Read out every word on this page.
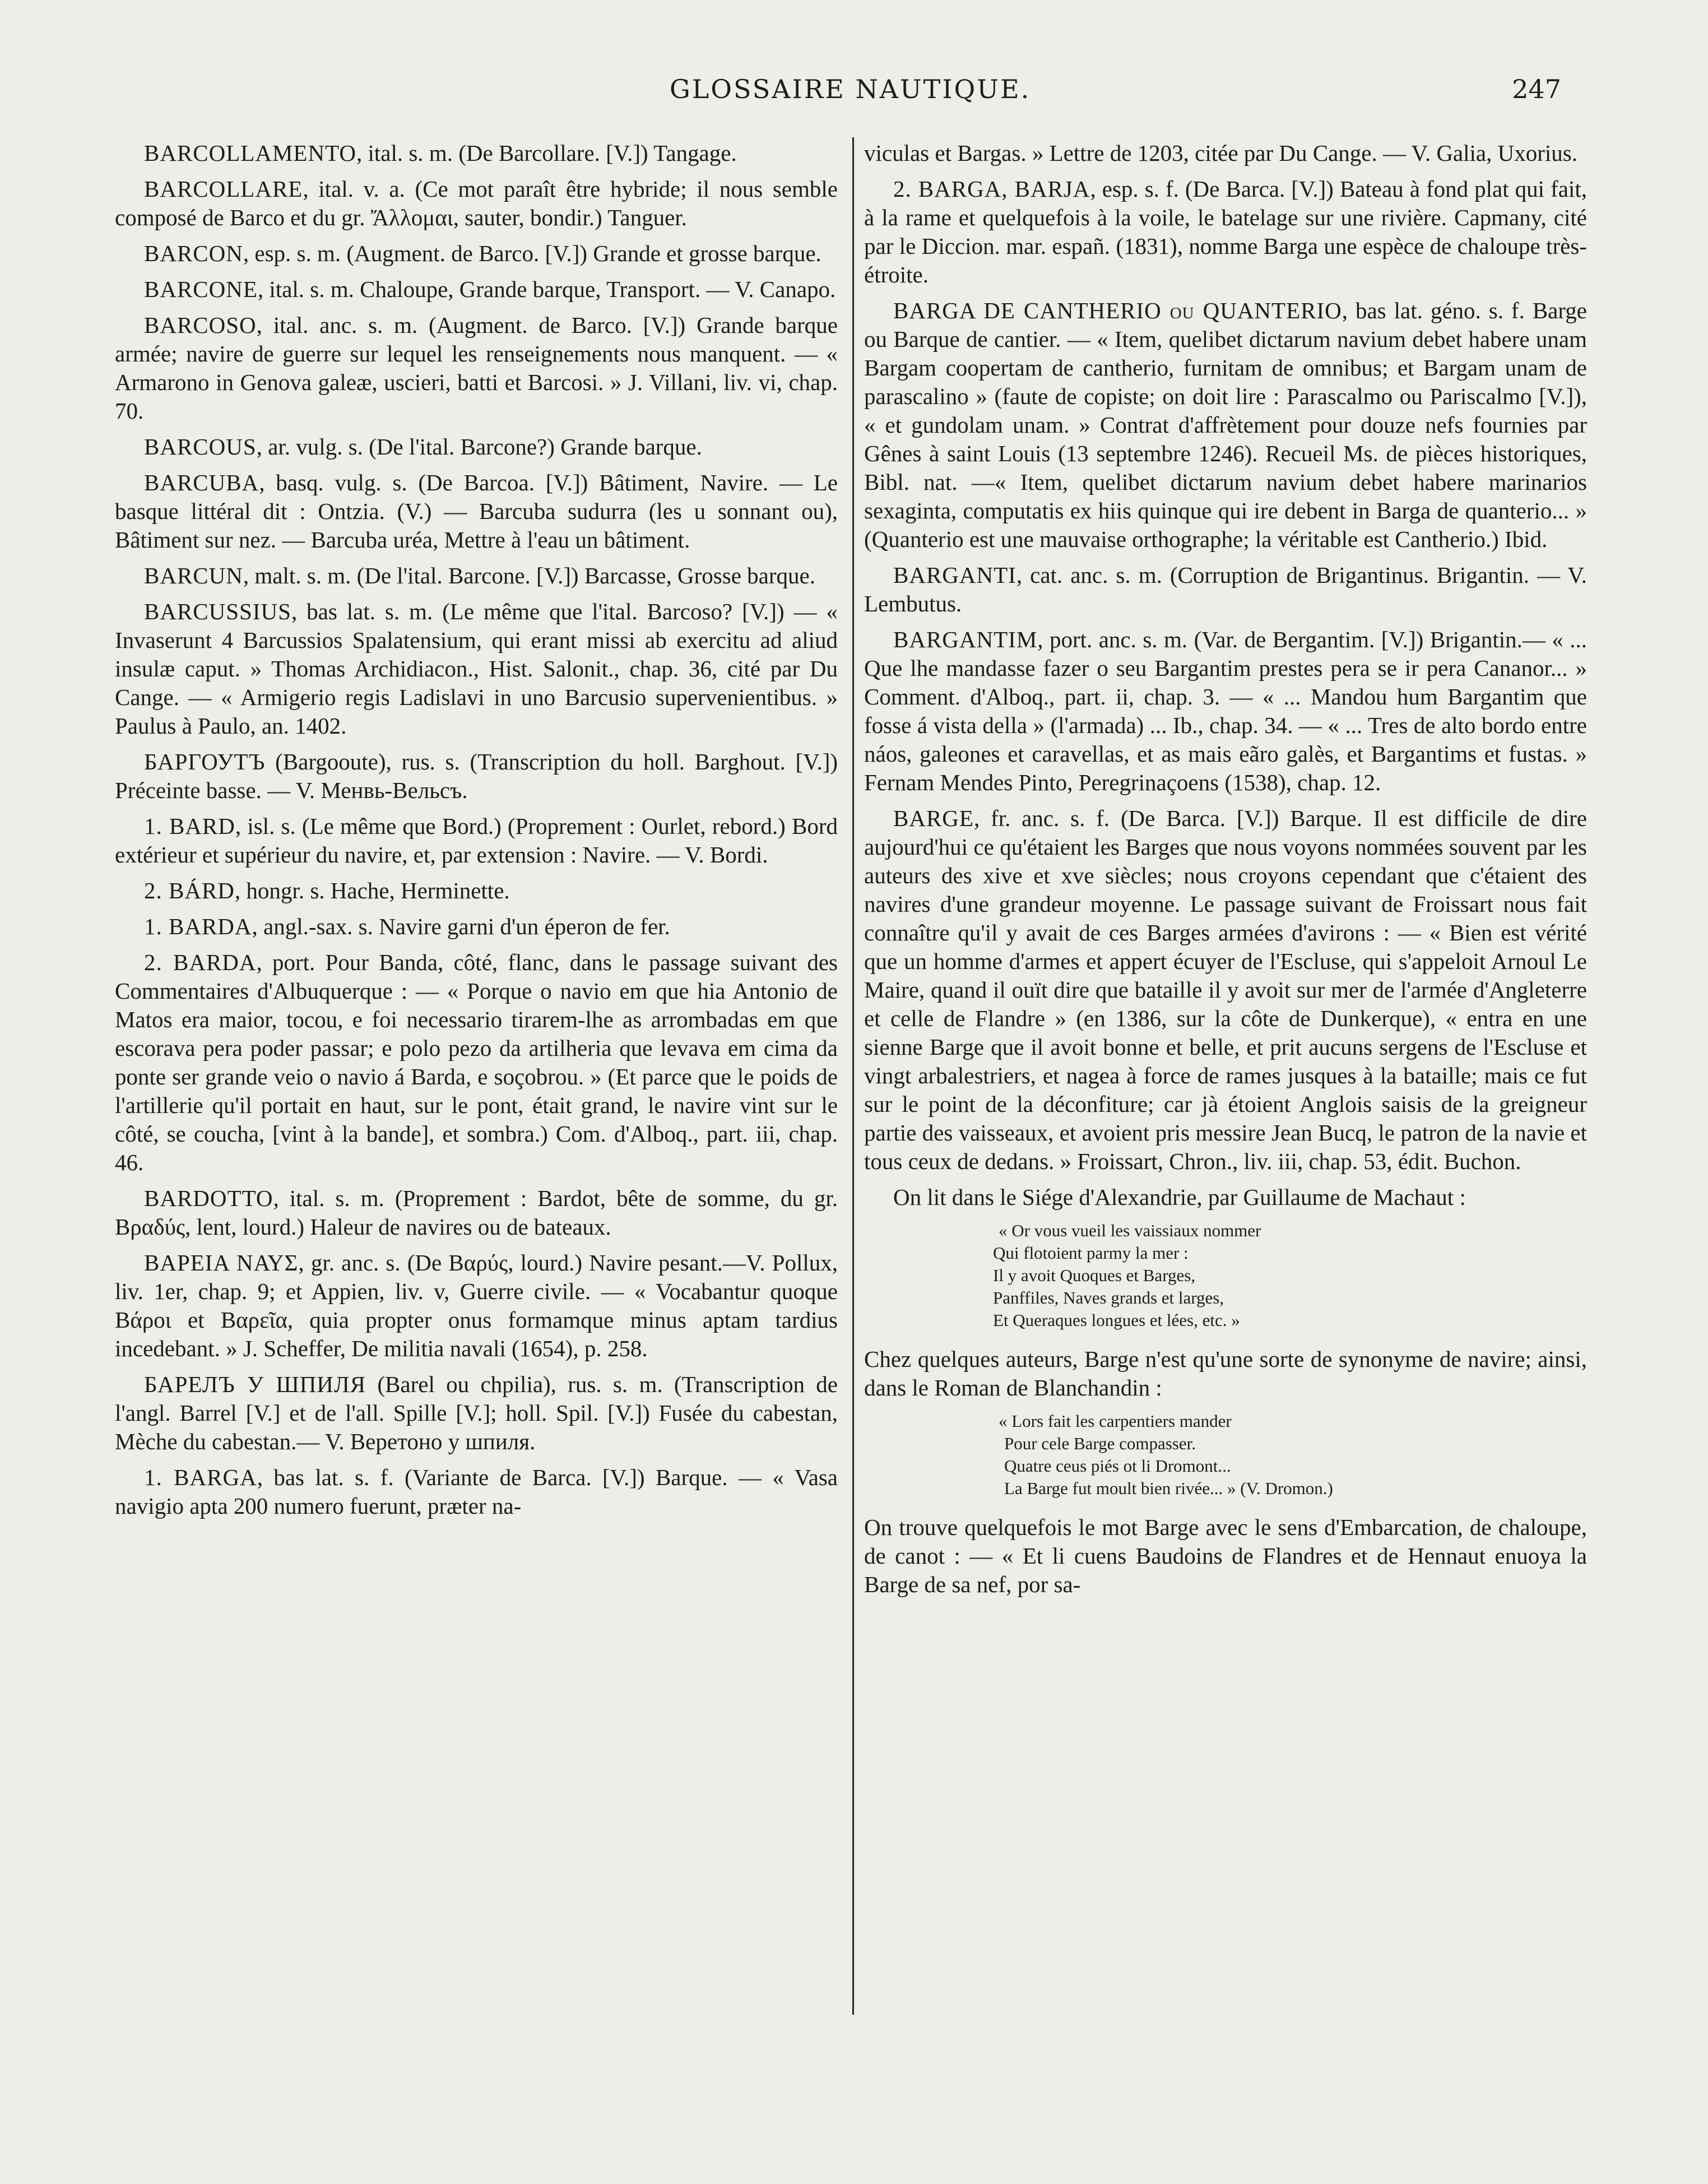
GLOSSAIRE NAUTIQUE.	247

BARCOLLAMENTO, ital. s. m. (De Barcollare. [V.]) Tangage.

BARCOLLARE, ital. v. a. (Ce mot paraît être hybride; il nous semble composé de Barco et du gr. Ἄλλομαι, sauter, bondir.) Tanguer.

BARCON, esp. s. m. (Augment. de Barco. [V.]) Grande et grosse barque.

BARCONE, ital. s. m. Chaloupe, Grande barque, Transport. — V. Canapo.

BARCOSO, ital. anc. s. m. (Augment. de Barco. [V.]) Grande barque armée; navire de guerre sur lequel les renseignements nous manquent. — « Armarono in Genova galeæ, uscieri, batti et Barcosi. » J. Villani, liv. vi, chap. 70.

BARCOUS, ar. vulg. s. (De l'ital. Barcone?) Grande barque.

BARCUBA, basq. vulg. s. (De Barcoa. [V.]) Bâtiment, Navire. — Le basque littéral dit : Ontzia. (V.) — Barcuba sudurra (les u sonnant ou), Bâtiment sur nez. — Barcuba uréa, Mettre à l'eau un bâtiment.

BARCUN, malt. s. m. (De l'ital. Barcone. [V.]) Barcasse, Grosse barque.

BARCUSSIUS, bas lat. s. m. (Le même que l'ital. Barcoso? [V.]) — « Invaserunt 4 Barcussios Spalatensium, qui erant missi ab exercitu ad aliud insulæ caput. » Thomas Archidiacon., Hist. Salonit., chap. 36, cité par Du Cange. — « Armigerio regis Ladislavi in uno Barcusio supervenientibus. » Paulus à Paulo, an. 1402.

БАРГОУТЪ (Bargooute), rus. s. (Transcription du holl. Barghout. [V.]) Préceinte basse. — V. Менвь-Вельсъ.

1. BARD, isl. s. (Le même que Bord.) (Proprement : Ourlet, rebord.) Bord extérieur et supérieur du navire, et, par extension : Navire. — V. Bordi.

2. BÁRD, hongr. s. Hache, Herminette.

1. BARDA, angl.-sax. s. Navire garni d'un éperon de fer.

2. BARDA, port. Pour Banda, côté, flanc, dans le passage suivant des Commentaires d'Albuquerque : — « Porque o navio em que hia Antonio de Matos era maior, tocou, e foi necessario tirarem-lhe as arrombadas em que escorava pera poder passar; e polo pezo da artilheria que levava em cima da ponte ser grande veio o navio á Barda, e soçobrou. » (Et parce que le poids de l'artillerie qu'il portait en haut, sur le pont, était grand, le navire vint sur le côté, se coucha, [vint à la bande], et sombra.) Com. d'Alboq., part. iii, chap. 46.

BARDOTTO, ital. s. m. (Proprement : Bardot, bête de somme, du gr. Βραδύς, lent, lourd.) Haleur de navires ou de bateaux.

BAPEIA ΝΑΥΣ, gr. anc. s. (De Βαρύς, lourd.) Navire pesant.—V. Pollux, liv. 1er, chap. 9; et Appien, liv. v, Guerre civile. — « Vocabantur quoque Βάροι et Βαρεῖα, quia propter onus formamque minus aptam tardius incedebant. » J. Scheffer, De militia navali (1654), p. 258.

БАРЕЛЪ У ШПИЛЯ (Barel ou chpilia), rus. s. m. (Transcription de l'angl. Barrel [V.] et de l'all. Spille [V.]; holl. Spil. [V.]) Fusée du cabestan, Mèche du cabestan.— V. Веретоно у шпиля.

1. BARGA, bas lat. s. f. (Variante de Barca. [V.]) Barque. — « Vasa navigio apta 200 numero fuerunt, præter na-

viculas et Bargas. » Lettre de 1203, citée par Du Cange. — V. Galia, Uxorius.

2. BARGA, BARJA, esp. s. f. (De Barca. [V.]) Bateau à fond plat qui fait, à la rame et quelquefois à la voile, le batelage sur une rivière. Capmany, cité par le Diccion. mar. españ. (1831), nomme Barga une espèce de chaloupe très-étroite.

BARGA DE CANTHERIO ou QUANTERIO, bas lat. géno. s. f. Barge ou Barque de cantier. — « Item, quelibet dictarum navium debet habere unam Bargam coopertam de cantherio, furnitam de omnibus; et Bargam unam de parascalino » (faute de copiste; on doit lire : Parascalmo ou Pariscalmo [V.]), « et gundolam unam. » Contrat d'affrètement pour douze nefs fournies par Gênes à saint Louis (13 septembre 1246). Recueil Ms. de pièces historiques, Bibl. nat. —« Item, quelibet dictarum navium debet habere marinarios sexaginta, computatis ex hiis quinque qui ire debent in Barga de quanterio... » (Quanterio est une mauvaise orthographe; la véritable est Cantherio.) Ibid.

BARGANTI, cat. anc. s. m. (Corruption de Brigantinus. Brigantin. — V. Lembutus.

BARGANTIM, port. anc. s. m. (Var. de Bergantim. [V.]) Brigantin.— « ... Que lhe mandasse fazer o seu Bargantim prestes pera se ir pera Cananor... » Comment. d'Alboq., part. ii, chap. 3. — « ... Mandou hum Bargantim que fosse á vista della » (l'armada) ... Ib., chap. 34. — « ... Tres de alto bordo entre náos, galeones et caravellas, et as mais eãro galès, et Bargantims et fustas. » Fernam Mendes Pinto, Peregrinaçoens (1538), chap. 12.

BARGE, fr. anc. s. f. (De Barca. [V.]) Barque. Il est difficile de dire aujourd'hui ce qu'étaient les Barges que nous voyons nommées souvent par les auteurs des xive et xve siècles; nous croyons cependant que c'étaient des navires d'une grandeur moyenne. Le passage suivant de Froissart nous fait connaître qu'il y avait de ces Barges armées d'avirons : — « Bien est vérité que un homme d'armes et appert écuyer de l'Escluse, qui s'appeloit Arnoul Le Maire, quand il ouït dire que bataille il y avoit sur mer de l'armée d'Angleterre et celle de Flandre » (en 1386, sur la côte de Dunkerque), « entra en une sienne Barge que il avoit bonne et belle, et prit aucuns sergens de l'Escluse et vingt arbalestriers, et nagea à force de rames jusques à la bataille; mais ce fut sur le point de la déconfiture; car jà étoient Anglois saisis de la greigneur partie des vaisseaux, et avoient pris messire Jean Bucq, le patron de la navie et tous ceux de dedans. » Froissart, Chron., liv. iii, chap. 53, édit. Buchon.

On lit dans le Siége d'Alexandrie, par Guillaume de Machaut :

« Or vous vueil les vaissiaux nommer
Qui flotoient parmy la mer :
Il y avoit Quoques et Barges,
Panffiles, Naves grands et larges,
Et Queraques longues et lées, etc. »

Chez quelques auteurs, Barge n'est qu'une sorte de synonyme de navire; ainsi, dans le Roman de Blanchandin :

« Lors fait les carpentiers mander
Pour cele Barge compasser.
Quatre ceus piés ot li Dromont...
La Barge fut moult bien rivée... » (V. Dromon.)

On trouve quelquefois le mot Barge avec le sens d'Embarcation, de chaloupe, de canot : — « Et li cuens Baudoins de Flandres et de Hennaut enuoya la Barge de sa nef, por sa-
